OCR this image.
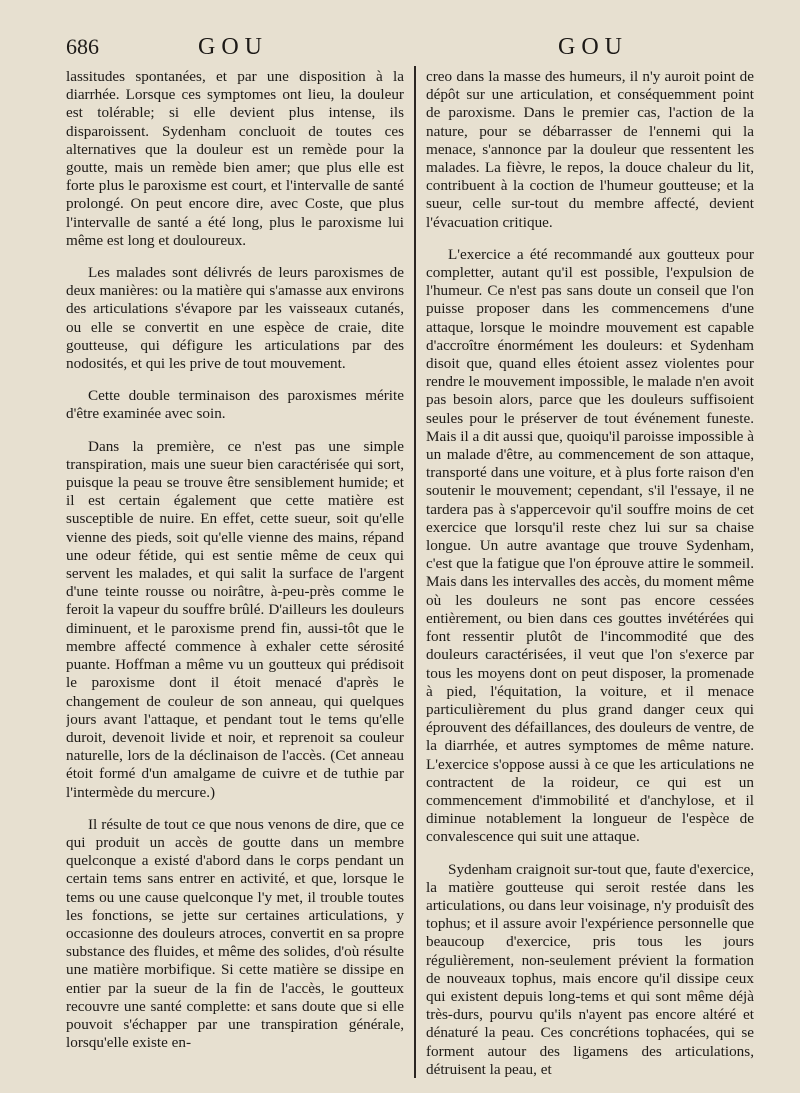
686	GOU	GOU

lassitudes spontanées, et par une disposition à la diarrhée. Lorsque ces symptomes ont lieu, la douleur est tolérable; si elle devient plus intense, ils disparoissent. Sydenham concluoit de toutes ces alternatives que la douleur est un remède pour la goutte, mais un remède bien amer; que plus elle est forte plus le paroxisme est court, et l'intervalle de santé prolongé. On peut encore dire, avec Coste, que plus l'intervalle de santé a été long, plus le paroxisme lui même est long et douloureux.

Les malades sont délivrés de leurs paroxismes de deux manières: ou la matière qui s'amasse aux environs des articulations s'évapore par les vaisseaux cutanés, ou elle se convertit en une espèce de craie, dite goutteuse, qui défigure les articulations par des nodosités, et qui les prive de tout mouvement.

Cette double terminaison des paroxismes mérite d'être examinée avec soin.

Dans la première, ce n'est pas une simple transpiration, mais une sueur bien caractérisée qui sort, puisque la peau se trouve être sensiblement humide; et il est certain également que cette matière est susceptible de nuire. En effet, cette sueur, soit qu'elle vienne des pieds, soit qu'elle vienne des mains, répand une odeur fétide, qui est sentie même de ceux qui servent les malades, et qui salit la surface de l'argent d'une teinte rousse ou noirâtre, à-peu-près comme le feroit la vapeur du souffre brûlé. D'ailleurs les douleurs diminuent, et le paroxisme prend fin, aussi-tôt que le membre affecté commence à exhaler cette sérosité puante. Hoffman a même vu un goutteux qui prédisoit le paroxisme dont il étoit menacé d'après le changement de couleur de son anneau, qui quelques jours avant l'attaque, et pendant tout le tems qu'elle duroit, devenoit livide et noir, et reprenoit sa couleur naturelle, lors de la déclinaison de l'accès. (Cet anneau étoit formé d'un amalgame de cuivre et de tuthie par l'intermède du mercure.)

Il résulte de tout ce que nous venons de dire, que ce qui produit un accès de goutte dans un membre quelconque a existé d'abord dans le corps pendant un certain tems sans entrer en activité, et que, lorsque le tems ou une cause quelconque l'y met, il trouble toutes les fonctions, se jette sur certaines articulations, y occasionne des douleurs atroces, convertit en sa propre substance des fluides, et même des solides, d'où résulte une matière morbifique. Si cette matière se dissipe en entier par la sueur de la fin de l'accès, le goutteux recouvre une santé complette: et sans doute que si elle pouvoit s'échapper par une transpiration générale, lorsqu'elle existe en-

creo dans la masse des humeurs, il n'y auroit point de dépôt sur une articulation, et conséquemment point de paroxisme. Dans le premier cas, l'action de la nature, pour se débarrasser de l'ennemi qui la menace, s'annonce par la douleur que ressentent les malades. La fièvre, le repos, la douce chaleur du lit, contribuent à la coction de l'humeur goutteuse; et la sueur, celle sur-tout du membre affecté, devient l'évacuation critique.

L'exercice a été recommandé aux goutteux pour completter, autant qu'il est possible, l'expulsion de l'humeur. Ce n'est pas sans doute un conseil que l'on puisse proposer dans les commencemens d'une attaque, lorsque le moindre mouvement est capable d'accroître énormément les douleurs: et Sydenham disoit que, quand elles étoient assez violentes pour rendre le mouvement impossible, le malade n'en avoit pas besoin alors, parce que les douleurs suffisoient seules pour le préserver de tout événement funeste. Mais il a dit aussi que, quoiqu'il paroisse impossible à un malade d'être, au commencement de son attaque, transporté dans une voiture, et à plus forte raison d'en soutenir le mouvement; cependant, s'il l'essaye, il ne tardera pas à s'appercevoir qu'il souffre moins de cet exercice que lorsqu'il reste chez lui sur sa chaise longue. Un autre avantage que trouve Sydenham, c'est que la fatigue que l'on éprouve attire le sommeil. Mais dans les intervalles des accès, du moment même où les douleurs ne sont pas encore cessées entièrement, ou bien dans ces gouttes invétérées qui font ressentir plutôt de l'incommodité que des douleurs caractérisées, il veut que l'on s'exerce par tous les moyens dont on peut disposer, la promenade à pied, l'équitation, la voiture, et il menace particulièrement du plus grand danger ceux qui éprouvent des défaillances, des douleurs de ventre, de la diarrhée, et autres symptomes de même nature. L'exercice s'oppose aussi à ce que les articulations ne contractent de la roideur, ce qui est un commencement d'immobilité et d'anchylose, et il diminue notablement la longueur de l'espèce de convalescence qui suit une attaque.

Sydenham craignoit sur-tout que, faute d'exercice, la matière goutteuse qui seroit restée dans les articulations, ou dans leur voisinage, n'y produisît des tophus; et il assure avoir l'expérience personnelle que beaucoup d'exercice, pris tous les jours régulièrement, non-seulement prévient la formation de nouveaux tophus, mais encore qu'il dissipe ceux qui existent depuis long-tems et qui sont même déjà très-durs, pourvu qu'ils n'ayent pas encore altéré et dénaturé la peau. Ces concrétions tophacées, qui se forment autour des ligamens des articulations, détruisent la peau, et
